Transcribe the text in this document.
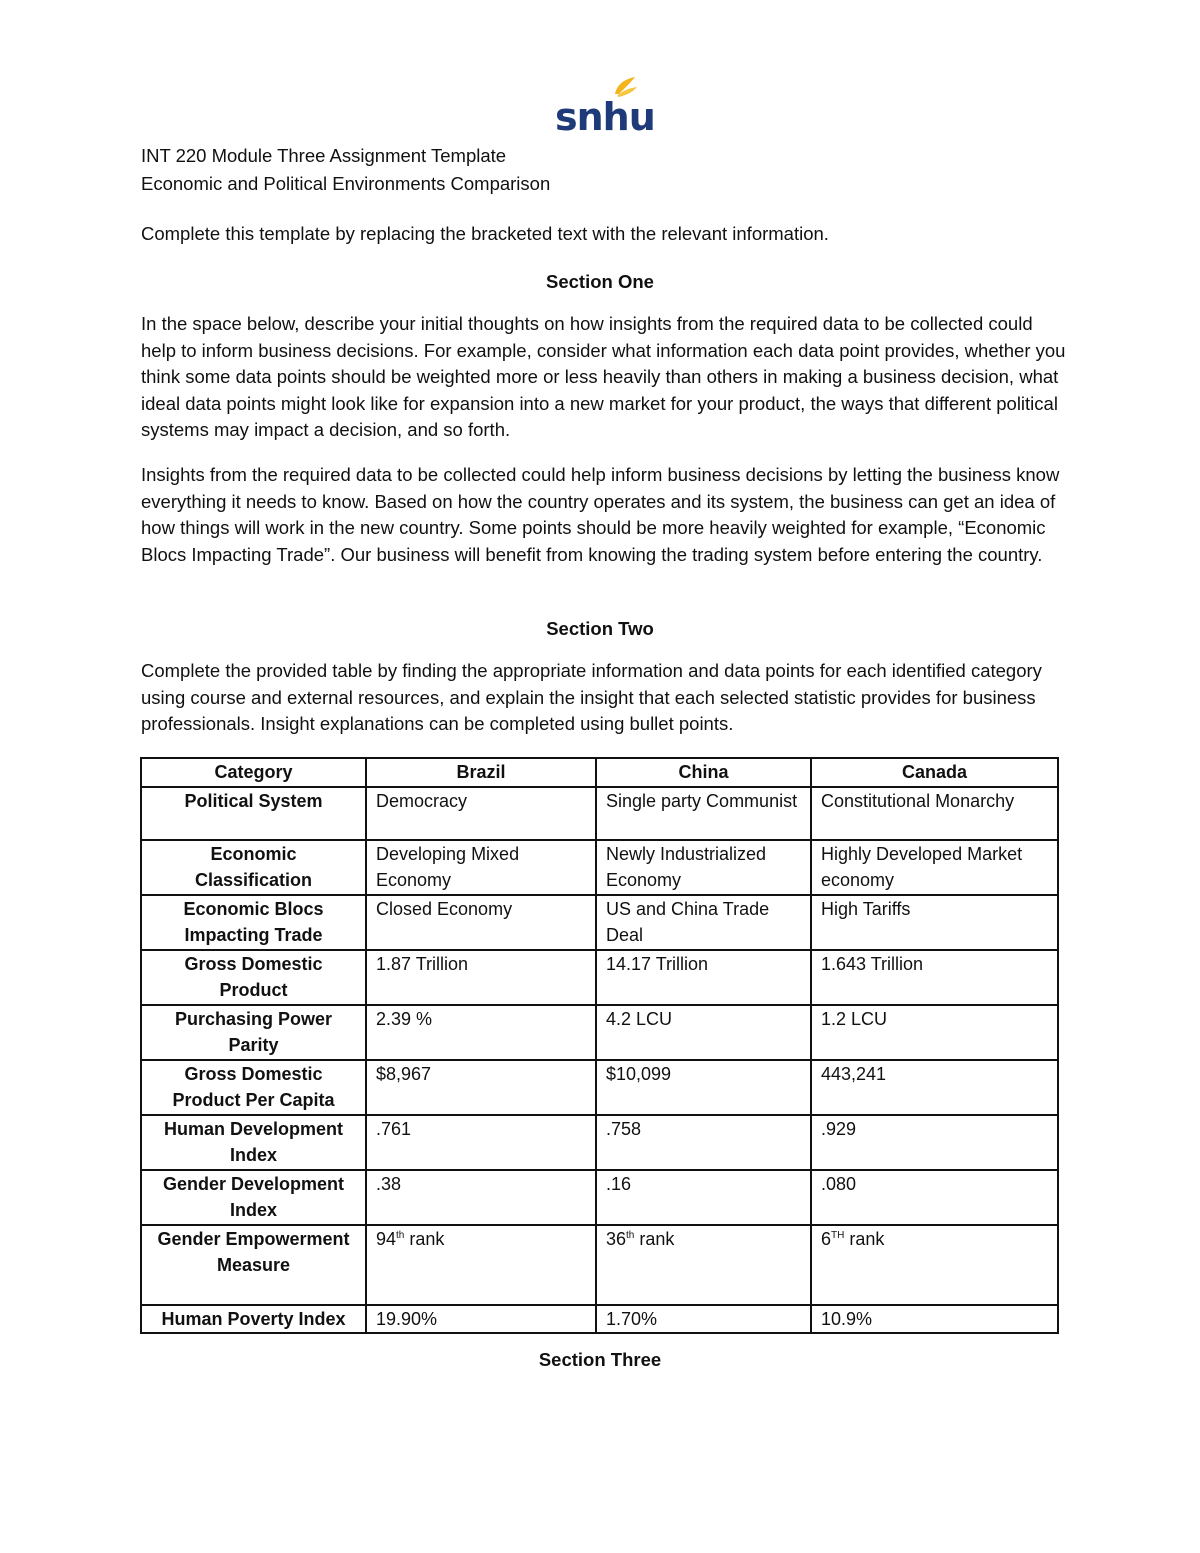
snhu
INT 220 Module Three Assignment Template
Economic and Political Environments Comparison

Complete this template by replacing the bracketed text with the relevant information.

Section One

In the space below, describe your initial thoughts on how insights from the required data to be collected could help to inform business decisions. For example, consider what information each data point provides, whether you think some data points should be weighted more or less heavily than others in making a business decision, what ideal data points might look like for expansion into a new market for your product, the ways that different political systems may impact a decision, and so forth.

Insights from the required data to be collected could help inform business decisions by letting the business know everything it needs to know. Based on how the country operates and its system, the business can get an idea of how things will work in the new country. Some points should be more heavily weighted for example, “Economic Blocs Impacting Trade”. Our business will benefit from knowing the trading system before entering the country.

Section Two

Complete the provided table by finding the appropriate information and data points for each identified category using course and external resources, and explain the insight that each selected statistic provides for business professionals. Insight explanations can be completed using bullet points.

Category	Brazil	China	Canada
Political System	Democracy	Single party Communist	Constitutional Monarchy
Economic Classification	Developing Mixed Economy	Newly Industrialized Economy	Highly Developed Market economy
Economic Blocs Impacting Trade	Closed Economy	US and China Trade Deal	High Tariffs
Gross Domestic Product	1.87 Trillion	14.17 Trillion	1.643 Trillion
Purchasing Power Parity	2.39 %	4.2 LCU	1.2 LCU
Gross Domestic Product Per Capita	$8,967	$10,099	443,241
Human Development Index	.761	.758	.929
Gender Development Index	.38	.16	.080
Gender Empowerment Measure	94th rank	36th rank	6TH rank
Human Poverty Index	19.90%	1.70%	10.9%
Section Three
